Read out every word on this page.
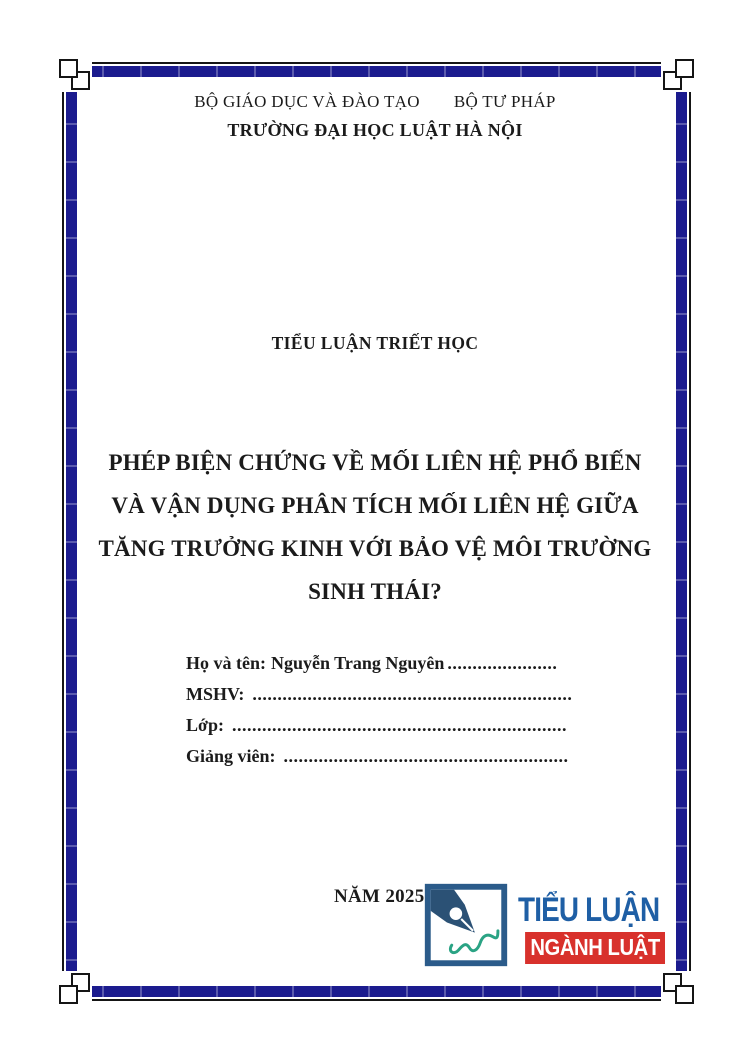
BỘ GIÁO DỤC VÀ ĐÀO TẠO BỘ TƯ PHÁP
TRƯỜNG ĐẠI HỌC LUẬT HÀ NỘI
TIỂU LUẬN TRIẾT HỌC
PHÉP BIỆN CHỨNG VỀ MỐI LIÊN HỆ PHỔ BIẾN
VÀ VẬN DỤNG PHÂN TÍCH MỐI LIÊN HỆ GIỮA
TĂNG TRƯỞNG KINH VỚI BẢO VỆ MÔI TRƯỜNG
SINH THÁI?
Họ và tên: Nguyễn Trang Nguyên ......................
MSHV: ................................................................
Lớp: ...................................................................
Giảng viên: .........................................................
NĂM 2025	TIỂU LUẬN
NGÀNH LUẬT
